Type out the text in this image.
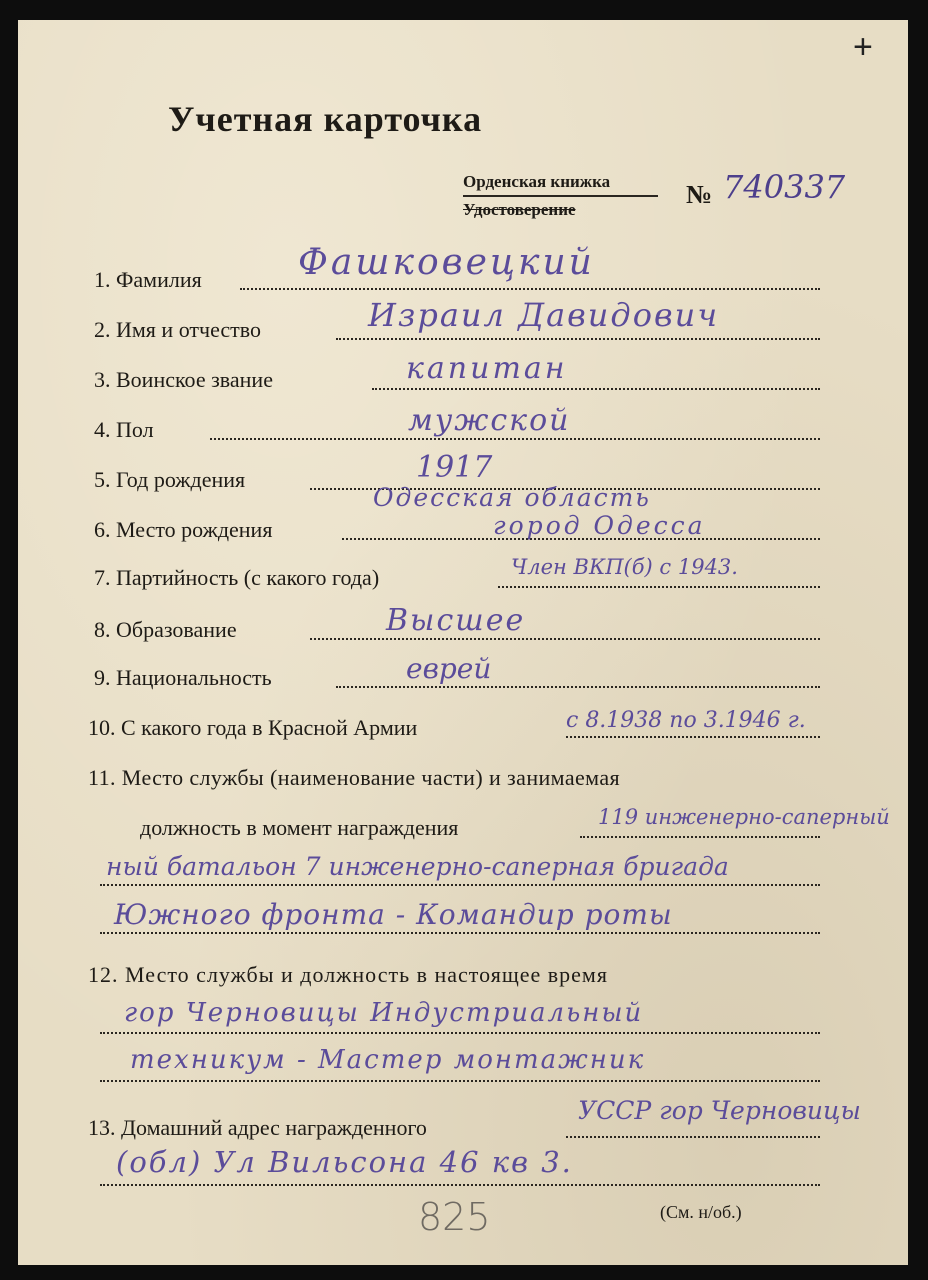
+
Учетная карточка
Орденская книжка
Удостоверение
№ 740337
1. Фамилия	Фашковецкий
2. Имя и отчество	Израил Давидович
3. Воинское звание	капитан
4. Пол	мужской
5. Год рождения	1917
6. Место рождения
Одесская область
город Одесса
7. Партийность (с какого года)	Член ВКП(б) с 1943.
8. Образование	Высшее
9. Национальность	еврей
10. С какого года в Красной Армии	с 8.1938 по 3.1946 г.
11. Место службы (наименование части) и занимаемая
должность в момент награждения	119 инженерно-саперный
ный батальон 7 инженерно-саперная бригада
Южного фронта - Командир роты
12. Место службы и должность в настоящее время
гор Черновицы Индустриальный
техникум - Мастер монтажник
13. Домашний адрес награжденного
УССР гор Черновицы
(обл) Ул Вильсона 46 кв 3.
825	(См. н/об.)
